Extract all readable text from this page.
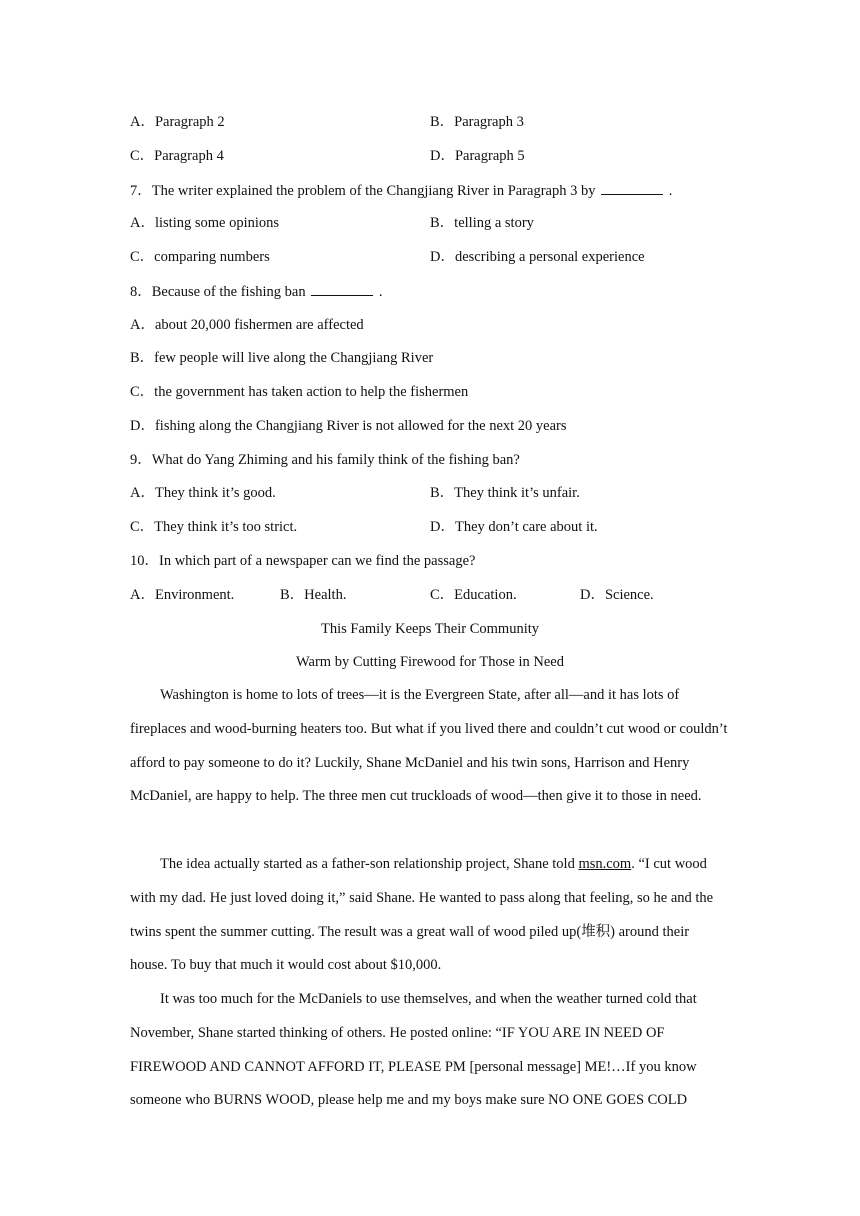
A．Paragraph 2	B．Paragraph 3
C．Paragraph 4	D．Paragraph 5
7．The writer explained the problem of the Changjiang River in Paragraph 3 by	.
A．listing some opinions	B．telling a story
C．comparing numbers	D．describing a personal experience
8．Because of the fishing ban	.
A．about 20,000 fishermen are affected
B．few people will live along the Changjiang River
C．the government has taken action to help the fishermen
D．fishing along the Changjiang River is not allowed for the next 20 years
9．What do Yang Zhiming and his family think of the fishing ban?
A．They think it’s good.	B．They think it’s unfair.
C．They think it’s too strict.	D．They don’t care about it.
10．In which part of a newspaper can we find the passage?
A．Environment.	B．Health.	C．Education.	D．Science.
This Family Keeps Their Community
Warm by Cutting Firewood for Those in Need

Washington is home to lots of trees—it is the Evergreen State, after all—and it has lots of fireplaces and wood-burning heaters too. But what if you lived there and couldn’t cut wood or couldn’t afford to pay someone to do it? Luckily, Shane McDaniel and his twin sons, Harrison and Henry McDaniel, are happy to help. The three men cut truckloads of wood—then give it to those in need.

The idea actually started as a father-son relationship project, Shane told msn.com. “I cut wood with my dad. He just loved doing it,” said Shane. He wanted to pass along that feeling, so he and the twins spent the summer cutting. The result was a great wall of wood piled up(堆积) around their house. To buy that much it would cost about $10,000.

It was too much for the McDaniels to use themselves, and when the weather turned cold that November, Shane started thinking of others. He posted online: “IF YOU ARE IN NEED OF FIREWOOD AND CANNOT AFFORD IT, PLEASE PM [personal message] ME!…If you know someone who BURNS WOOD, please help me and my boys make sure NO ONE GOES COLD
